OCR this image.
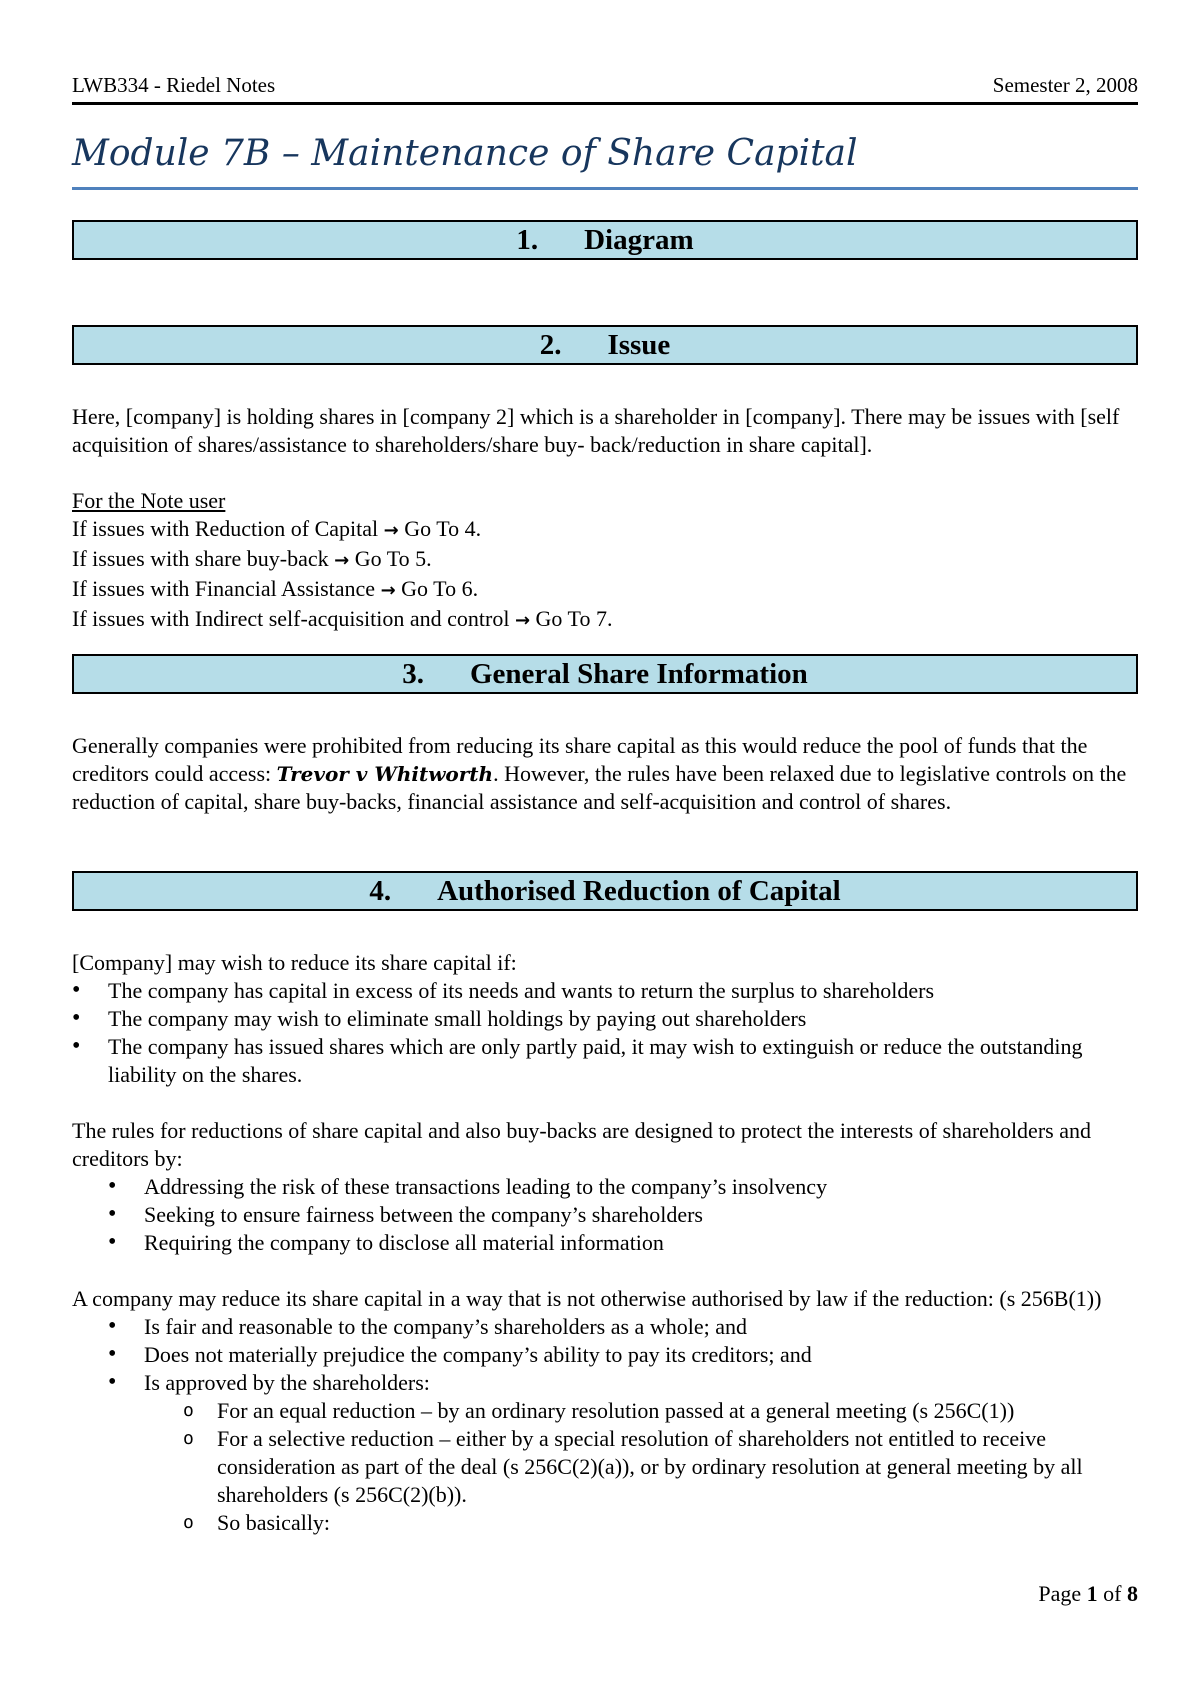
LWB334 - Riedel Notes	Semester 2, 2008
Module 7B – Maintenance of Share Capital
1. Diagram
2. Issue

Here, [company] is holding shares in [company 2] which is a shareholder in [company]. There may be issues with [self acquisition of shares/assistance to shareholders/share buy- back/reduction in share capital].

For the Note user

If issues with Reduction of Capital → Go To 4.

If issues with share buy-back → Go To 5.

If issues with Financial Assistance → Go To 6.

If issues with Indirect self-acquisition and control → Go To 7.

3. General Share Information

Generally companies were prohibited from reducing its share capital as this would reduce the pool of funds that the creditors could access: Trevor v Whitworth. However, the rules have been relaxed due to legislative controls on the reduction of capital, share buy-backs, financial assistance and self-acquisition and control of shares.

4. Authorised Reduction of Capital

[Company] may wish to reduce its share capital if:

• The company has capital in excess of its needs and wants to return the surplus to shareholders
• The company may wish to eliminate small holdings by paying out shareholders
• The company has issued shares which are only partly paid, it may wish to extinguish or reduce the outstanding liability on the shares.

The rules for reductions of share capital and also buy-backs are designed to protect the interests of shareholders and creditors by:

• Addressing the risk of these transactions leading to the company’s insolvency
• Seeking to ensure fairness between the company’s shareholders
• Requiring the company to disclose all material information

A company may reduce its share capital in a way that is not otherwise authorised by law if the reduction: (s 256B(1))

• Is fair and reasonable to the company’s shareholders as a whole; and
• Does not materially prejudice the company’s ability to pay its creditors; and
• Is approved by the shareholders:
o For an equal reduction – by an ordinary resolution passed at a general meeting (s 256C(1))
o For a selective reduction – either by a special resolution of shareholders not entitled to receive consideration as part of the deal (s 256C(2)(a)), or by ordinary resolution at general meeting by all shareholders (s 256C(2)(b)).
o So basically:
Page 1 of 8
